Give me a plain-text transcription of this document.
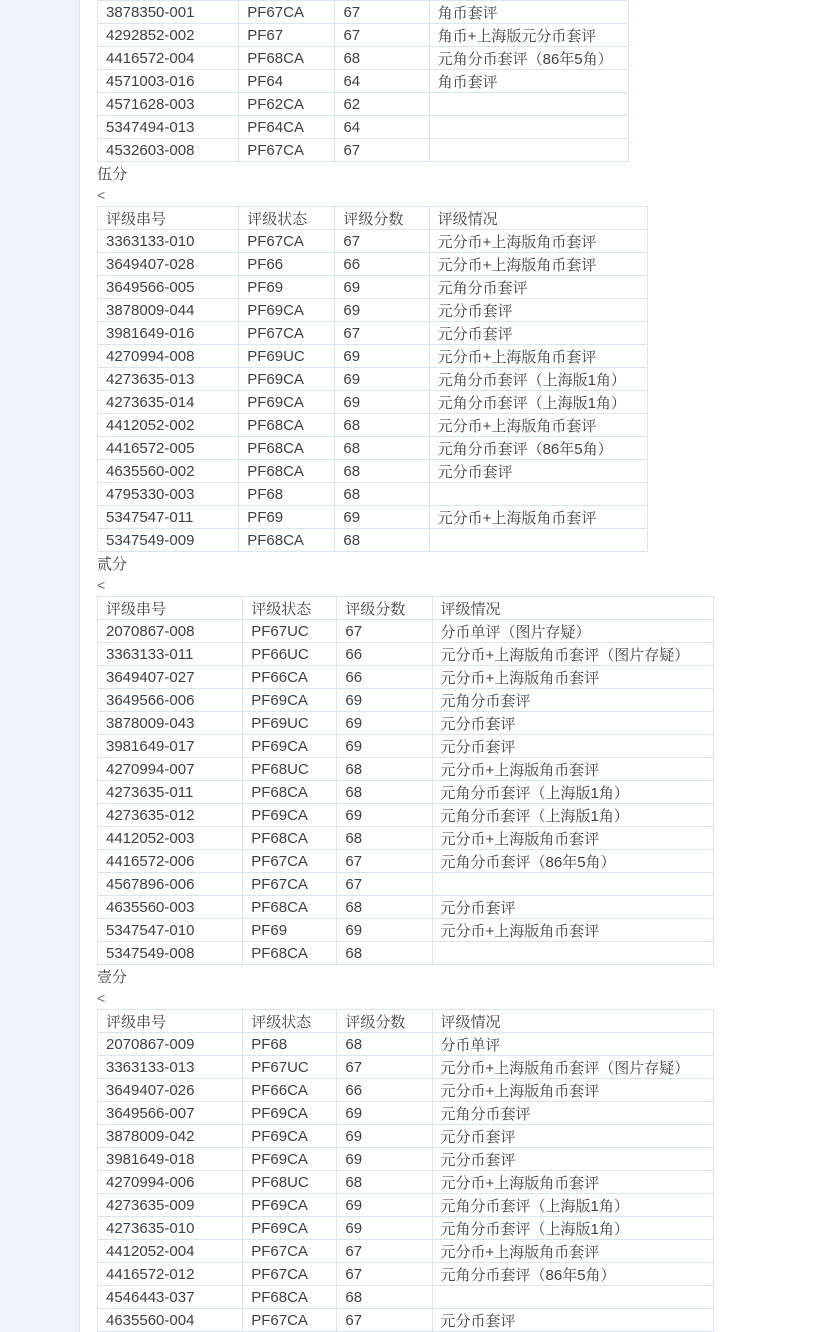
3878350-001	PF67CA	67	角币套评
4292852-002	PF67	67	角币+上海版元分币套评
4416572-004	PF68CA	68	元角分币套评（86年5角）
4571003-016	PF64	64	角币套评
4571628-003	PF62CA	62	
5347494-013	PF64CA	64	
4532603-008	PF67CA	67	
伍分
<
评级串号	评级状态	评级分数	评级情况
3363133-010	PF67CA	67	元分币+上海版角币套评
3649407-028	PF66	66	元分币+上海版角币套评
3649566-005	PF69	69	元角分币套评
3878009-044	PF69CA	69	元分币套评
3981649-016	PF67CA	67	元分币套评
4270994-008	PF69UC	69	元分币+上海版角币套评
4273635-013	PF69CA	69	元角分币套评（上海版1角）
4273635-014	PF69CA	69	元角分币套评（上海版1角）
4412052-002	PF68CA	68	元分币+上海版角币套评
4416572-005	PF68CA	68	元角分币套评（86年5角）
4635560-002	PF68CA	68	元分币套评
4795330-003	PF68	68	
5347547-011	PF69	69	元分币+上海版角币套评
5347549-009	PF68CA	68	
贰分
<
评级串号	评级状态	评级分数	评级情况
2070867-008	PF67UC	67	分币单评（图片存疑）
3363133-011	PF66UC	66	元分币+上海版角币套评（图片存疑）
3649407-027	PF66CA	66	元分币+上海版角币套评
3649566-006	PF69CA	69	元角分币套评
3878009-043	PF69UC	69	元分币套评
3981649-017	PF69CA	69	元分币套评
4270994-007	PF68UC	68	元分币+上海版角币套评
4273635-011	PF68CA	68	元角分币套评（上海版1角）
4273635-012	PF69CA	69	元角分币套评（上海版1角）
4412052-003	PF68CA	68	元分币+上海版角币套评
4416572-006	PF67CA	67	元角分币套评（86年5角）
4567896-006	PF67CA	67	
4635560-003	PF68CA	68	元分币套评
5347547-010	PF69	69	元分币+上海版角币套评
5347549-008	PF68CA	68	
壹分
<
评级串号	评级状态	评级分数	评级情况
2070867-009	PF68	68	分币单评
3363133-013	PF67UC	67	元分币+上海版角币套评（图片存疑）
3649407-026	PF66CA	66	元分币+上海版角币套评
3649566-007	PF69CA	69	元角分币套评
3878009-042	PF69CA	69	元分币套评
3981649-018	PF69CA	69	元分币套评
4270994-006	PF68UC	68	元分币+上海版角币套评
4273635-009	PF69CA	69	元角分币套评（上海版1角）
4273635-010	PF69CA	69	元角分币套评（上海版1角）
4412052-004	PF67CA	67	元分币+上海版角币套评
4416572-012	PF67CA	67	元角分币套评（86年5角）
4546443-037	PF68CA	68	
4635560-004	PF67CA	67	元分币套评
